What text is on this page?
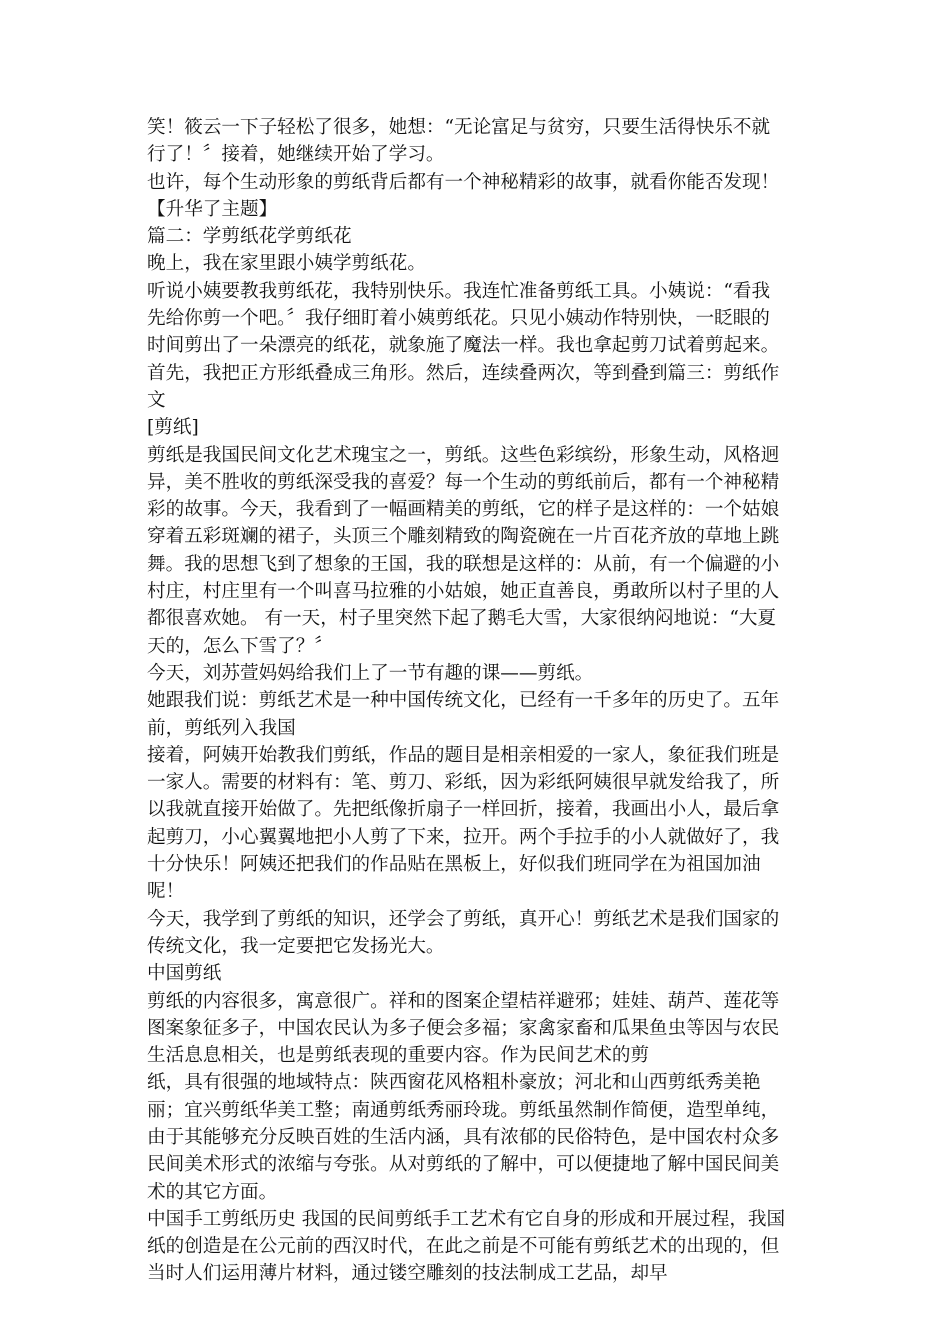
笑！筱云一下子轻松了很多，她想：“无论富足与贫穷，只要生活得快乐不就

行了！〞接着，她继续开始了学习。

也许，每个生动形象的剪纸背后都有一个神秘精彩的故事，就看你能否发现！

【升华了主题】

篇二：学剪纸花学剪纸花

晚上，我在家里跟小姨学剪纸花。

听说小姨要教我剪纸花，我特别快乐。我连忙准备剪纸工具。小姨说：“看我

先给你剪一个吧。〞我仔细盯着小姨剪纸花。只见小姨动作特别快，一眨眼的

时间剪出了一朵漂亮的纸花，就象施了魔法一样。我也拿起剪刀试着剪起来。

首先，我把正方形纸叠成三角形。然后，连续叠两次，等到叠到篇三：剪纸作

文

[剪纸]

剪纸是我国民间文化艺术瑰宝之一，剪纸。这些色彩缤纷，形象生动，风格迥

异，美不胜收的剪纸深受我的喜爱？每一个生动的剪纸前后，都有一个神秘精

彩的故事。今天，我看到了一幅画精美的剪纸，它的样子是这样的：一个姑娘

穿着五彩斑斓的裙子，头顶三个雕刻精致的陶瓷碗在一片百花齐放的草地上跳

舞。我的思想飞到了想象的王国，我的联想是这样的：从前，有一个偏避的小

村庄，村庄里有一个叫喜马拉雅的小姑娘，她正直善良，勇敢所以村子里的人

都很喜欢她。 有一天，村子里突然下起了鹅毛大雪，大家很纳闷地说：“大夏

天的，怎么下雪了？〞

今天，刘苏萱妈妈给我们上了一节有趣的课——剪纸。

她跟我们说：剪纸艺术是一种中国传统文化，已经有一千多年的历史了。五年

前，剪纸列入我国

接着，阿姨开始教我们剪纸，作品的题目是相亲相爱的一家人，象征我们班是

一家人。需要的材料有：笔、剪刀、彩纸，因为彩纸阿姨很早就发给我了，所

以我就直接开始做了。先把纸像折扇子一样回折，接着，我画出小人，最后拿

起剪刀，小心翼翼地把小人剪了下来，拉开。两个手拉手的小人就做好了，我

十分快乐！阿姨还把我们的作品贴在黑板上，好似我们班同学在为祖国加油

呢！

今天，我学到了剪纸的知识，还学会了剪纸，真开心！剪纸艺术是我们国家的

传统文化，我一定要把它发扬光大。

中国剪纸

剪纸的内容很多，寓意很广。祥和的图案企望桔祥避邪；娃娃、葫芦、莲花等

图案象征多子，中国农民认为多子便会多福；家禽家畜和瓜果鱼虫等因与农民

生活息息相关，也是剪纸表现的重要内容。作为民间艺术的剪

纸，具有很强的地域特点：陕西窗花风格粗朴豪放；河北和山西剪纸秀美艳

丽；宜兴剪纸华美工整；南通剪纸秀丽玲珑。剪纸虽然制作简便，造型单纯，

由于其能够充分反映百姓的生活内涵，具有浓郁的民俗特色，是中国农村众多

民间美术形式的浓缩与夸张。从对剪纸的了解中，可以便捷地了解中国民间美

术的其它方面。

中国手工剪纸历史 我国的民间剪纸手工艺术有它自身的形成和开展过程，我国

纸的创造是在公元前的西汉时代，在此之前是不可能有剪纸艺术的出现的，但

当时人们运用薄片材料，通过镂空雕刻的技法制成工艺品，却早
